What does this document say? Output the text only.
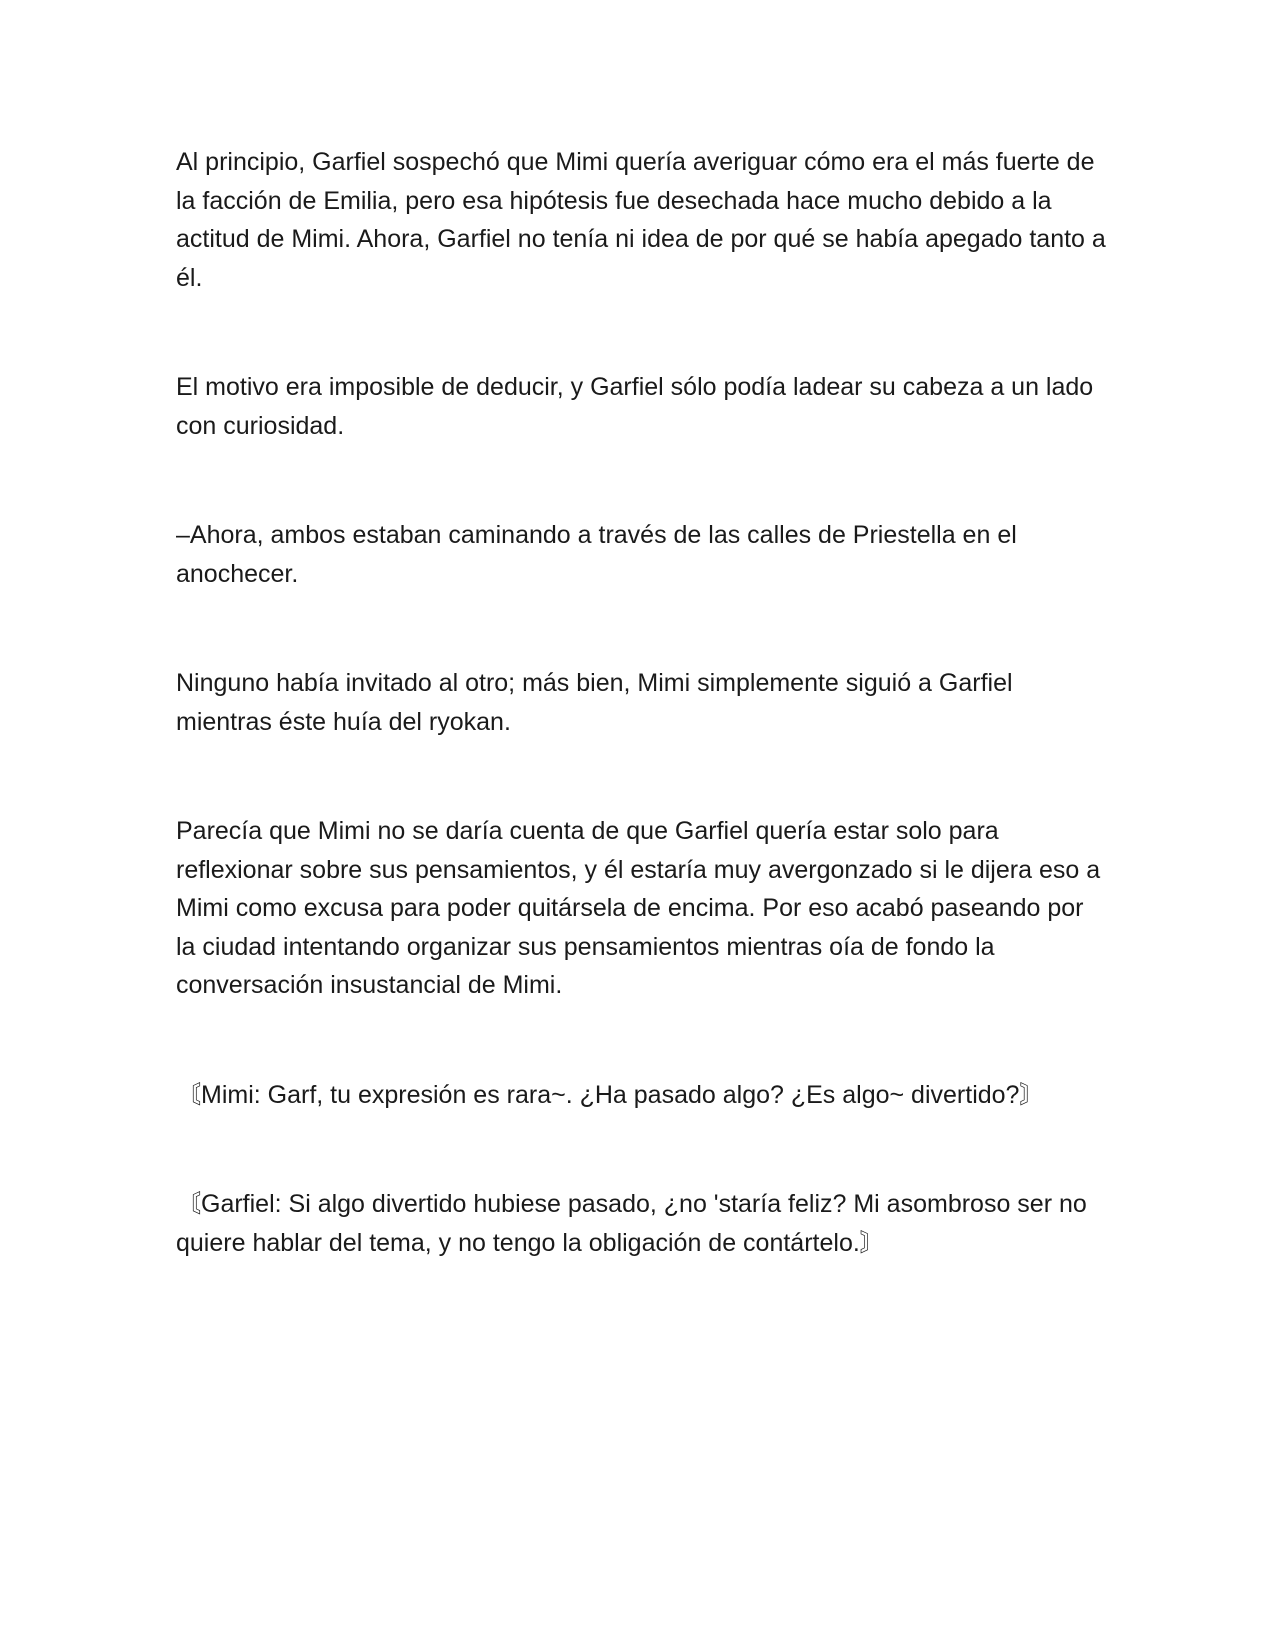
Al principio, Garfiel sospechó que Mimi quería averiguar cómo era el más fuerte de la facción de Emilia, pero esa hipótesis fue desechada hace mucho debido a la actitud de Mimi. Ahora, Garfiel no tenía ni idea de por qué se había apegado tanto a él.

El motivo era imposible de deducir, y Garfiel sólo podía ladear su cabeza a un lado con curiosidad.

–Ahora, ambos estaban caminando a través de las calles de Priestella en el anochecer.

Ninguno había invitado al otro; más bien, Mimi simplemente siguió a Garfiel mientras éste huía del ryokan.

Parecía que Mimi no se daría cuenta de que Garfiel quería estar solo para reflexionar sobre sus pensamientos, y él estaría muy avergonzado si le dijera eso a Mimi como excusa para poder quitársela de encima. Por eso acabó paseando por la ciudad intentando organizar sus pensamientos mientras oía de fondo la conversación insustancial de Mimi.

〘Mimi: Garf, tu expresión es rara~. ¿Ha pasado algo? ¿Es algo~ divertido?〙

〘Garfiel: Si algo divertido hubiese pasado, ¿no 'staría feliz? Mi asombroso ser no quiere hablar del tema, y no tengo la obligación de contártelo.〙
